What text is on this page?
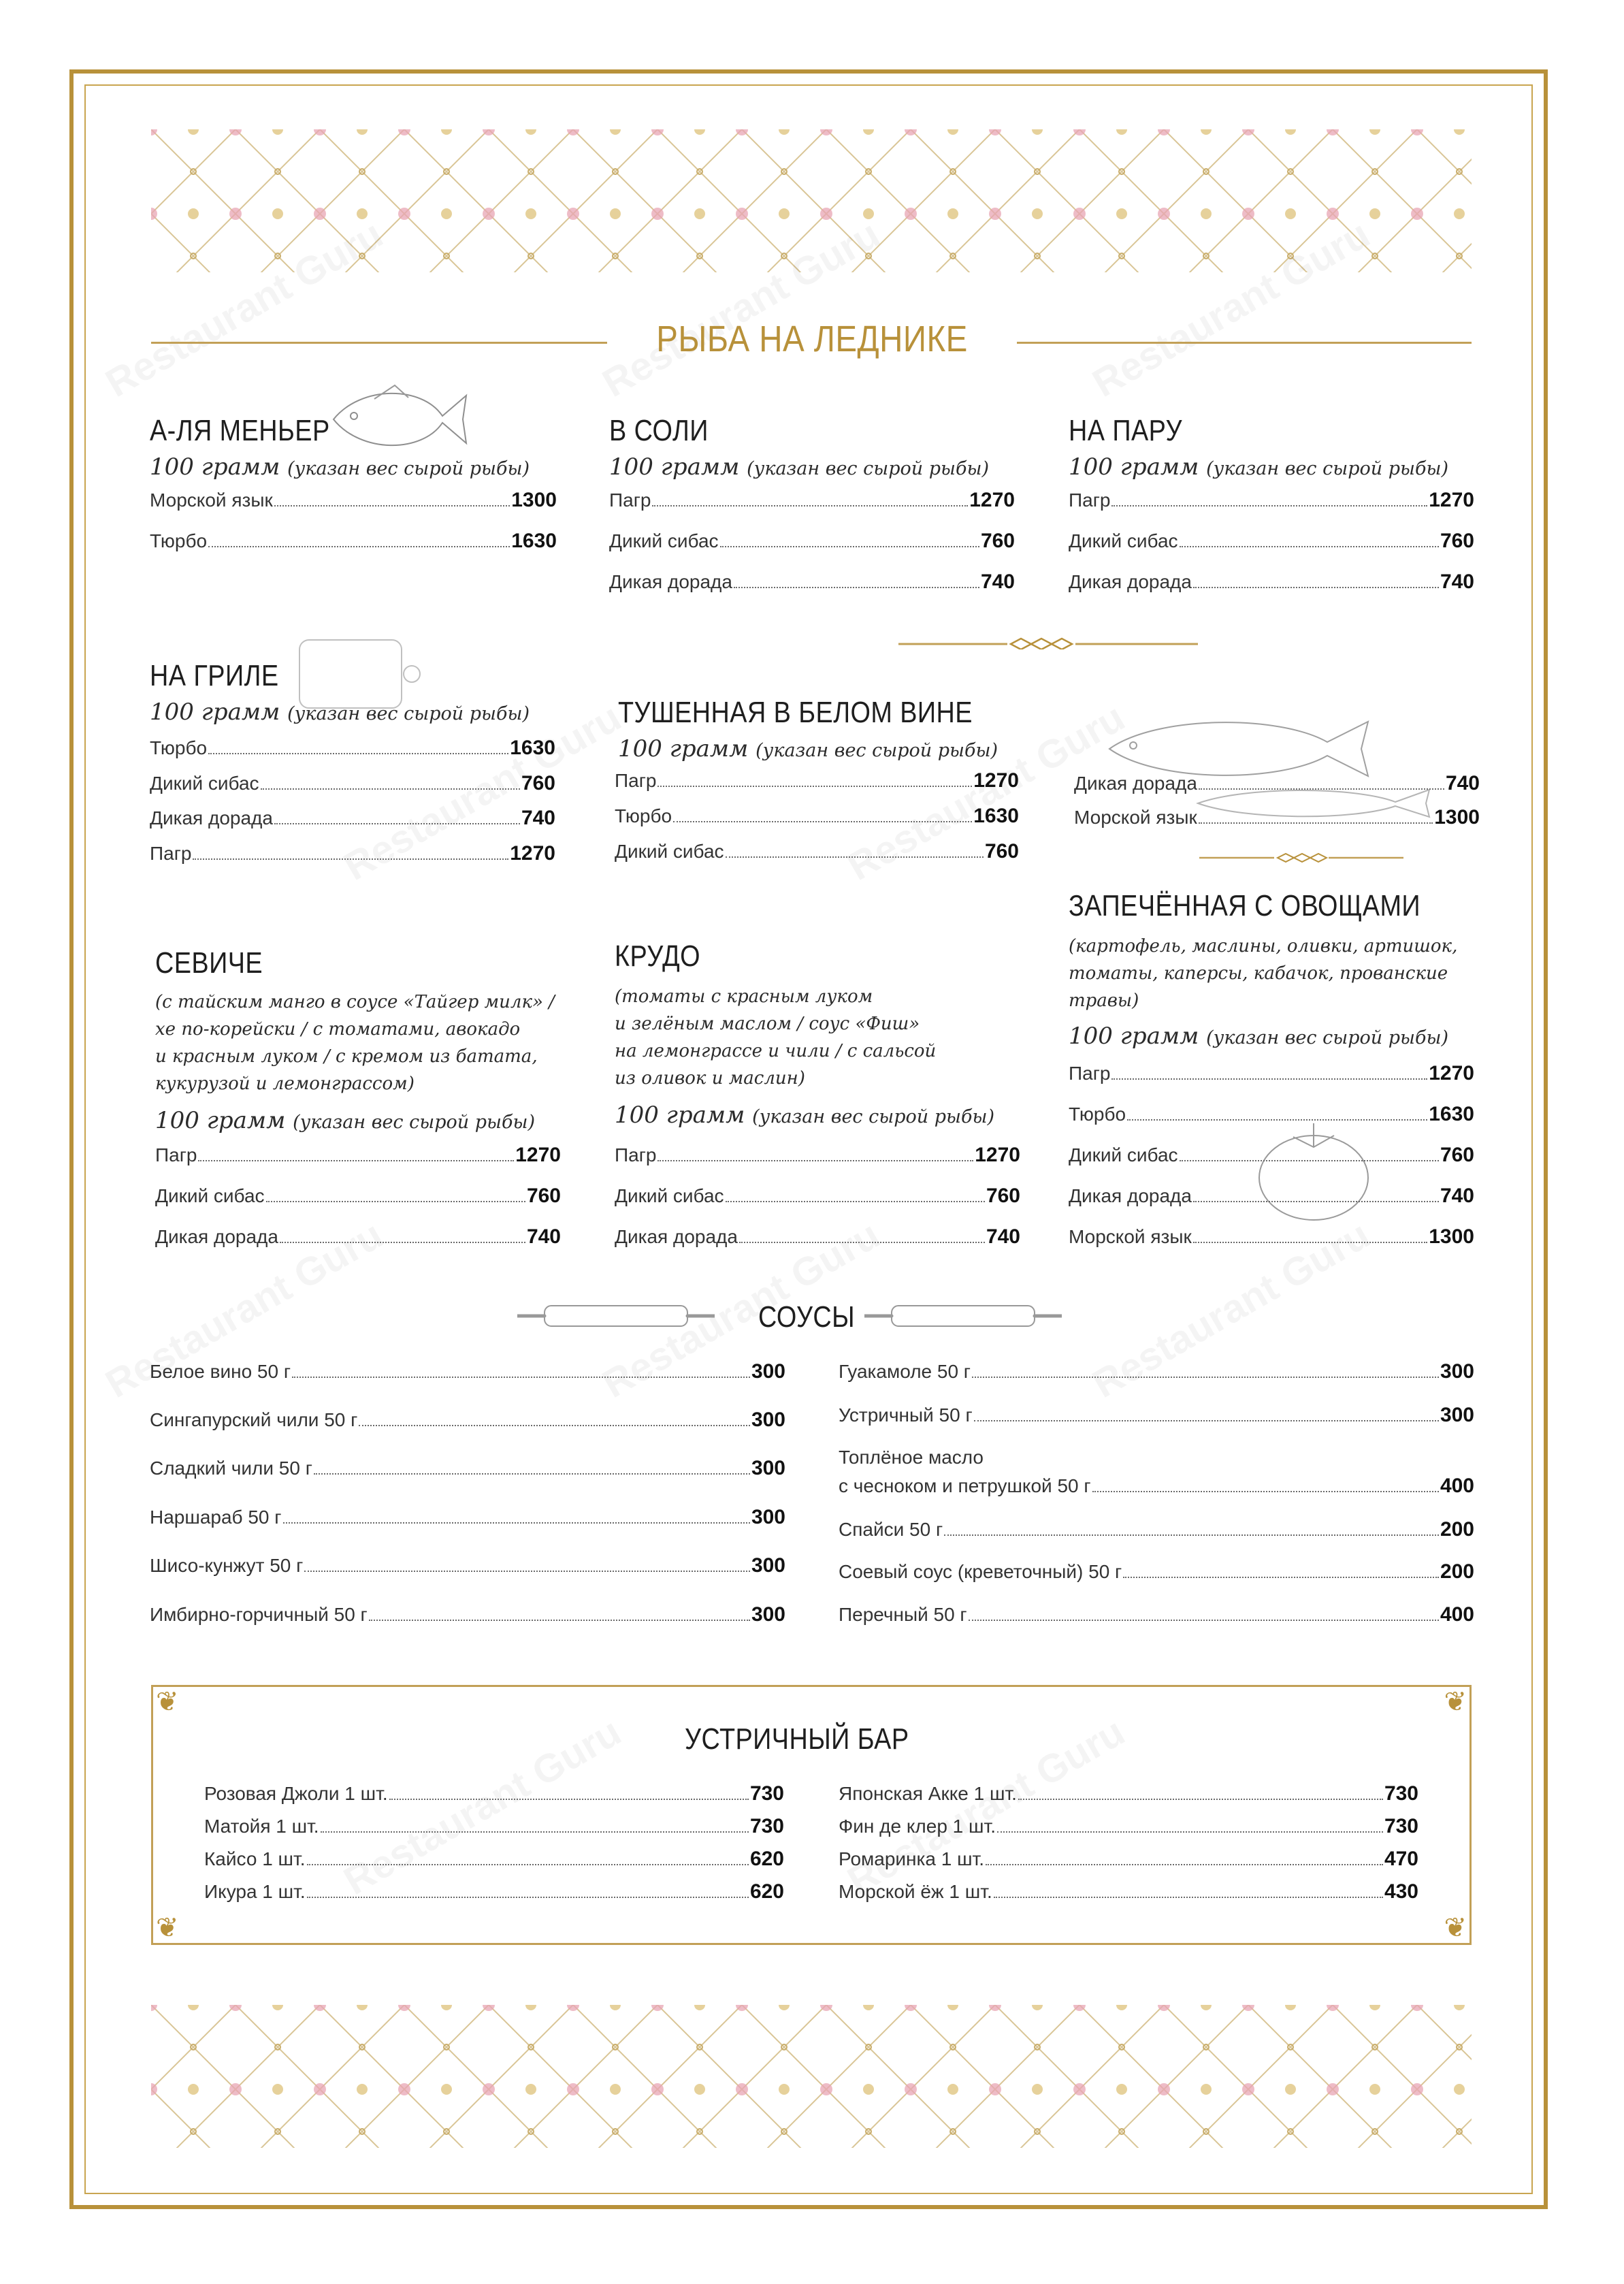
РЫБА НА ЛЕДНИКЕ
А-ЛЯ МЕНЬЕР
100 грамм (указан вес сырой рыбы)
Морской язык	1300
Тюрбо	1630
В СОЛИ
100 грамм (указан вес сырой рыбы)
Пагр	1270
Дикий сибас	760
Дикая дорада	740
НА ПАРУ
100 грамм (указан вес сырой рыбы)
Пагр	1270
Дикий сибас	760
Дикая дорада	740
НА ГРИЛЕ
100 грамм (указан вес сырой рыбы)
Тюрбо	1630
Дикий сибас	760
Дикая дорада	740
Пагр	1270
ТУШЕННАЯ В БЕЛОМ ВИНЕ
100 грамм (указан вес сырой рыбы)
Пагр	1270
Тюрбо	1630
Дикий сибас	760
Дикая дорада	740
Морской язык	1300
СЕВИЧЕ
(с тайским манго в соусе «Тайгер милк» /
хе по-корейски / с томатами, авокадо
и красным луком / с кремом из батата,
кукурузой и лемонграссом)
100 грамм (указан вес сырой рыбы)
Пагр	1270
Дикий сибас	760
Дикая дорада	740
КРУДО
(томаты с красным луком
и зелёным маслом / соус «Фиш»
на лемонграссе и чили / с сальсой
из оливок и маслин)
100 грамм (указан вес сырой рыбы)
Пагр	1270
Дикий сибас	760
Дикая дорада	740
ЗАПЕЧЁННАЯ С ОВОЩАМИ
(картофель, маслины, оливки, артишок,
томаты, каперсы, кабачок, прованские
травы)
100 грамм (указан вес сырой рыбы)
Пагр	1270
Тюрбо	1630
Дикий сибас	760
Дикая дорада	740
Морской язык	1300
СОУСЫ
Белое вино 50 г	300
Сингапурский чили 50 г	300
Сладкий чили 50 г	300
Наршараб 50 г	300
Шисо-кунжут 50 г	300
Имбирно-горчичный 50 г	300
Гуакамоле 50 г	300
Устричный 50 г	300
Топлёное масло
с чесноком и петрушкой 50 г	400
Спайси 50 г	200
Соевый соус (креветочный) 50 г	200
Перечный 50 г	400
❦	❦
❦	❦
УСТРИЧНЫЙ БАР
Розовая Джоли 1 шт.	730
Матойя 1 шт.	730
Кайсо 1 шт.	620
Икура 1 шт.	620
Японская Акке 1 шт.	730
Фин де клер 1 шт.	730
Ромаринка 1 шт.	470
Морской ёж 1 шт.	430
